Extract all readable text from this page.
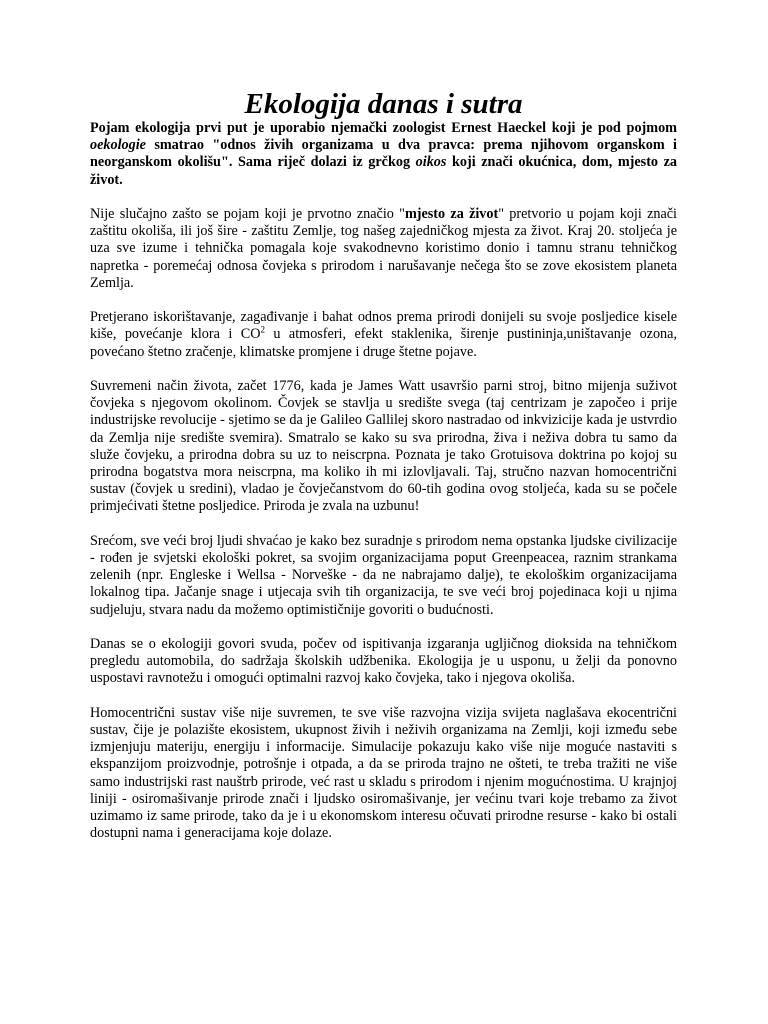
Ekologija danas i sutra

Pojam ekologija prvi put je uporabio njemački zoologist Ernest Haeckel koji je pod pojmom oekologie smatrao "odnos živih organizama u dva pravca: prema njihovom organskom i neorganskom okolišu". Sama riječ dolazi iz grčkog oikos koji znači okućnica, dom, mjesto za život.

Nije slučajno zašto se pojam koji je prvotno značio "mjesto za život" pretvorio u pojam koji znači zaštitu okoliša, ili još šire - zaštitu Zemlje, tog našeg zajedničkog mjesta za život. Kraj 20. stoljeća je uza sve izume i tehnička pomagala koje svakodnevno koristimo donio i tamnu stranu tehničkog napretka - poremećaj odnosa čovjeka s prirodom i narušavanje nečega što se zove ekosistem planeta Zemlja.

Pretjerano iskorištavanje, zagađivanje i bahat odnos prema prirodi donijeli su svoje posljedice kisele kiše, povećanje klora i $CO^2$ u atmosferi, efekt staklenika, širenje pustininja,uništavanje ozona, povećano štetno zračenje, klimatske promjene i druge štetne pojave.

Suvremeni način života, začet 1776, kada je James Watt usavršio parni stroj, bitno mijenja suživot čovjeka s njegovom okolinom. Čovjek se stavlja u središte svega (taj centrizam je započeo i prije industrijske revolucije - sjetimo se da je Galileo Gallilej skoro nastradao od inkvizicije kada je ustvrdio da Zemlja nije središte svemira). Smatralo se kako su sva prirodna, živa i neživa dobra tu samo da služe čovjeku, a prirodna dobra su uz to neiscrpna. Poznata je tako Grotuisova doktrina po kojoj su prirodna bogatstva mora neiscrpna, ma koliko ih mi izlovljavali. Taj, stručno nazvan homocentrični sustav (čovjek u sredini), vladao je čovječanstvom do 60-tih godina ovog stoljeća, kada su se počele primjećivati štetne posljedice. Priroda je zvala na uzbunu!

Srećom, sve veći broj ljudi shvaćao je kako bez suradnje s prirodom nema opstanka ljudske civilizacije - rođen je svjetski ekološki pokret, sa svojim organizacijama poput Greenpeacea, raznim strankama zelenih (npr. Engleske i Wellsa - Norveške - da ne nabrajamo dalje), te ekološkim organizacijama lokalnog tipa. Jačanje snage i utjecaja svih tih organizacija, te sve veći broj pojedinaca koji u njima sudjeluju, stvara nadu da možemo optimističnije govoriti o budućnosti.

Danas se o ekologiji govori svuda, počev od ispitivanja izgaranja ugljičnog dioksida na tehničkom pregledu automobila, do sadržaja školskih udžbenika. Ekologija je u usponu, u želji da ponovno uspostavi ravnotežu i omogući optimalni razvoj kako čovjeka, tako i njegova okoliša.

Homocentrični sustav više nije suvremen, te sve više razvojna vizija svijeta naglašava ekocentrični sustav, čije je polazište ekosistem, ukupnost živih i neživih organizama na Zemlji, koji između sebe izmjenjuju materiju, energiju i informacije. Simulacije pokazuju kako više nije moguće nastaviti s ekspanzijom proizvodnje, potrošnje i otpada, a da se priroda trajno ne ošteti, te treba tražiti ne više samo industrijski rast nauštrb prirode, već rast u skladu s prirodom i njenim mogućnostima. U krajnjoj liniji - osiromašivanje prirode znači i ljudsko osiromašivanje, jer većinu tvari koje trebamo za život uzimamo iz same prirode, tako da je i u ekonomskom interesu očuvati prirodne resurse - kako bi ostali dostupni nama i generacijama koje dolaze.
